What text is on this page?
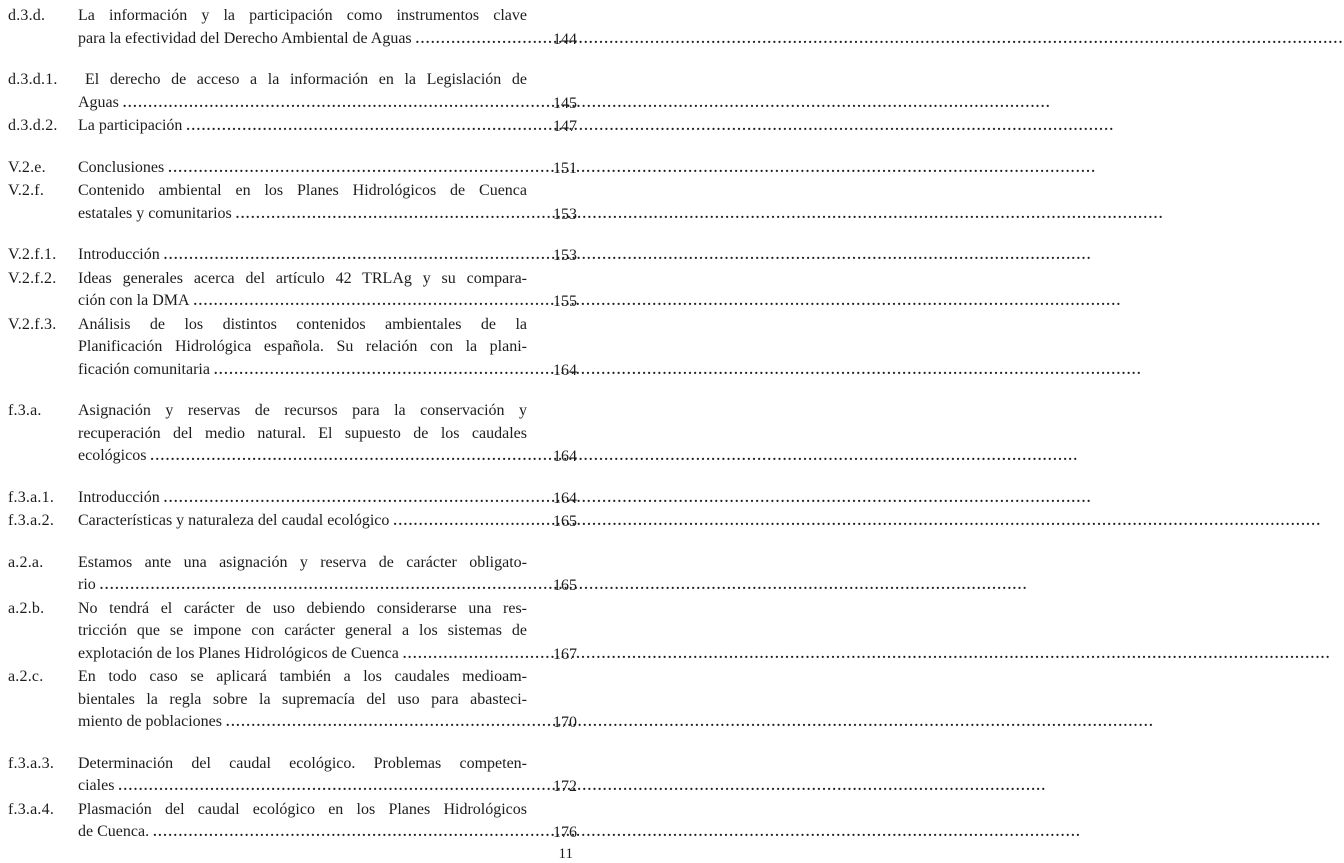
d.3.d.	La información y la participación como instrumentos clave
para la efectividad del Derecho Ambiental de Aguas .....	144
d.3.d.1.	El derecho de acceso a la información en la Legislación de
Aguas .....	145
d.3.d.2.	La participación .....	147
V.2.e.	Conclusiones .....	151
V.2.f.	Contenido ambiental en los Planes Hidrológicos de Cuenca
estatales y comunitarios .....	153
V.2.f.1.	Introducción .....	153
V.2.f.2.	Ideas generales acerca del artículo 42 TRLAg y su compara-
ción con la DMA .....	155
V.2.f.3.	Análisis de los distintos contenidos ambientales de la
Planificación Hidrológica española. Su relación con la plani-
ficación comunitaria .....	164
f.3.a.	Asignación y reservas de recursos para la conservación y
recuperación del medio natural. El supuesto de los caudales
ecológicos .....	164
f.3.a.1.	Introducción .....	164
f.3.a.2.	Características y naturaleza del caudal ecológico .....	165
a.2.a.	Estamos ante una asignación y reserva de carácter obligato-
rio .....	165
a.2.b.	No tendrá el carácter de uso debiendo considerarse una res-
tricción que se impone con carácter general a los sistemas de
explotación de los Planes Hidrológicos de Cuenca .....	167
a.2.c.	En todo caso se aplicará también a los caudales medioam-
bientales la regla sobre la supremacía del uso para abasteci-
miento de poblaciones .....	170
f.3.a.3.	Determinación del caudal ecológico. Problemas competen-
ciales .....	172
f.3.a.4.	Plasmación del caudal ecológico en los Planes Hidrológicos
de Cuenca. .....	176
11
